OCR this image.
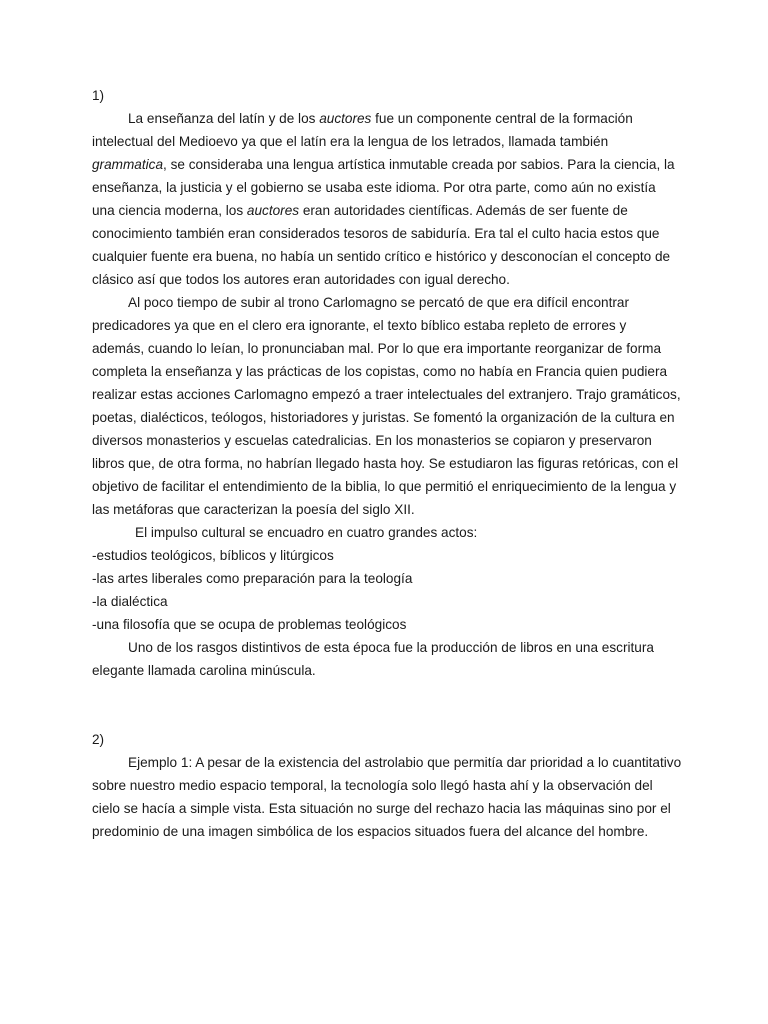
1)

La enseñanza del latín y de los auctores fue un componente central de la formación intelectual del Medioevo ya que el latín era la lengua de los letrados, llamada también grammatica, se consideraba una lengua artística inmutable creada por sabios. Para la ciencia, la enseñanza, la justicia y el gobierno se usaba este idioma. Por otra parte, como aún no existía una ciencia moderna, los auctores eran autoridades científicas. Además de ser fuente de conocimiento también eran considerados tesoros de sabiduría. Era tal el culto hacia estos que cualquier fuente era buena, no había un sentido crítico e histórico y desconocían el concepto de clásico así que todos los autores eran autoridades con igual derecho.

Al poco tiempo de subir al trono Carlomagno se percató de que era difícil encontrar predicadores ya que en el clero era ignorante, el texto bíblico estaba repleto de errores y además, cuando lo leían, lo pronunciaban mal. Por lo que era importante reorganizar de forma completa la enseñanza y las prácticas de los copistas, como no había en Francia quien pudiera realizar estas acciones Carlomagno empezó a traer intelectuales del extranjero. Trajo gramáticos, poetas, dialécticos, teólogos, historiadores y juristas. Se fomentó la organización de la cultura en diversos monasterios y escuelas catedralicias. En los monasterios se copiaron y preservaron libros que, de otra forma, no habrían llegado hasta hoy. Se estudiaron las figuras retóricas, con el objetivo de facilitar el entendimiento de la biblia, lo que permitió el enriquecimiento de la lengua y las metáforas que caracterizan la poesía del siglo XII.

El impulso cultural se encuadro en cuatro grandes actos:

-estudios teológicos, bíblicos y litúrgicos

-las artes liberales como preparación para la teología

-la dialéctica

-una filosofía que se ocupa de problemas teológicos

Uno de los rasgos distintivos de esta época fue la producción de libros en una escritura elegante llamada carolina minúscula.

2)

Ejemplo 1: A pesar de la existencia del astrolabio que permitía dar prioridad a lo cuantitativo sobre nuestro medio espacio temporal, la tecnología solo llegó hasta ahí y la observación del cielo se hacía a simple vista. Esta situación no surge del rechazo hacia las máquinas sino por el predominio de una imagen simbólica de los espacios situados fuera del alcance del hombre.
